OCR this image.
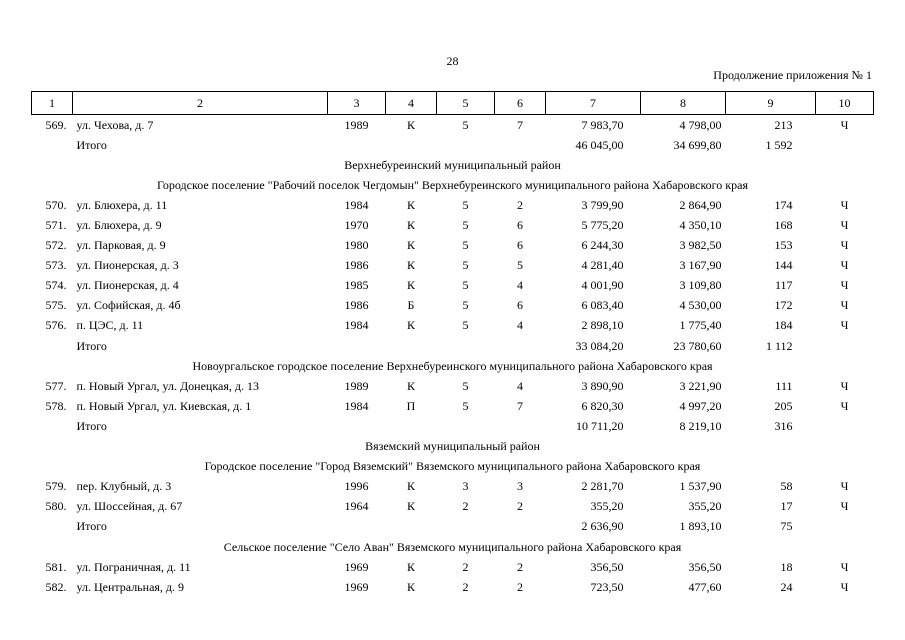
28
Продолжение приложения № 1
1	2	3	4	5	6	7	8	9	10
569.	ул. Чехова, д. 7	1989	К	5	7	7 983,70	4 798,00	213	Ч
	Итого					46 045,00	34 699,80	1 592	
Верхнебуреинский муниципальный район									
Городское поселение "Рабочий поселок Чегдомын" Верхнебуреинского муниципального района Хабаровского края									
570.	ул. Блюхера, д. 11	1984	К	5	2	3 799,90	2 864,90	174	Ч
571.	ул. Блюхера, д. 9	1970	К	5	6	5 775,20	4 350,10	168	Ч
572.	ул. Парковая, д. 9	1980	К	5	6	6 244,30	3 982,50	153	Ч
573.	ул. Пионерская, д. 3	1986	К	5	5	4 281,40	3 167,90	144	Ч
574.	ул. Пионерская, д. 4	1985	К	5	4	4 001,90	3 109,80	117	Ч
575.	ул. Софийская, д. 4б	1986	Б	5	6	6 083,40	4 530,00	172	Ч
576.	п. ЦЭС, д. 11	1984	К	5	4	2 898,10	1 775,40	184	Ч
	Итого					33 084,20	23 780,60	1 112	
Новоургальское городское поселение Верхнебуреинского муниципального района Хабаровского края									
577.	п. Новый Ургал, ул. Донецкая, д. 13	1989	К	5	4	3 890,90	3 221,90	111	Ч
578.	п. Новый Ургал, ул. Киевская, д. 1	1984	П	5	7	6 820,30	4 997,20	205	Ч
	Итого					10 711,20	8 219,10	316	
Вяземский муниципальный район									
Городское поселение "Город Вяземский" Вяземского муниципального района Хабаровского края									
579.	пер. Клубный, д. 3	1996	К	3	3	2 281,70	1 537,90	58	Ч
580.	ул. Шоссейная, д. 67	1964	К	2	2	355,20	355,20	17	Ч
	Итого					2 636,90	1 893,10	75	
Сельское поселение "Село Аван" Вяземского муниципального района Хабаровского края									
581.	ул. Пограничная, д. 11	1969	К	2	2	356,50	356,50	18	Ч
582.	ул. Центральная, д. 9	1969	К	2	2	723,50	477,60	24	Ч
